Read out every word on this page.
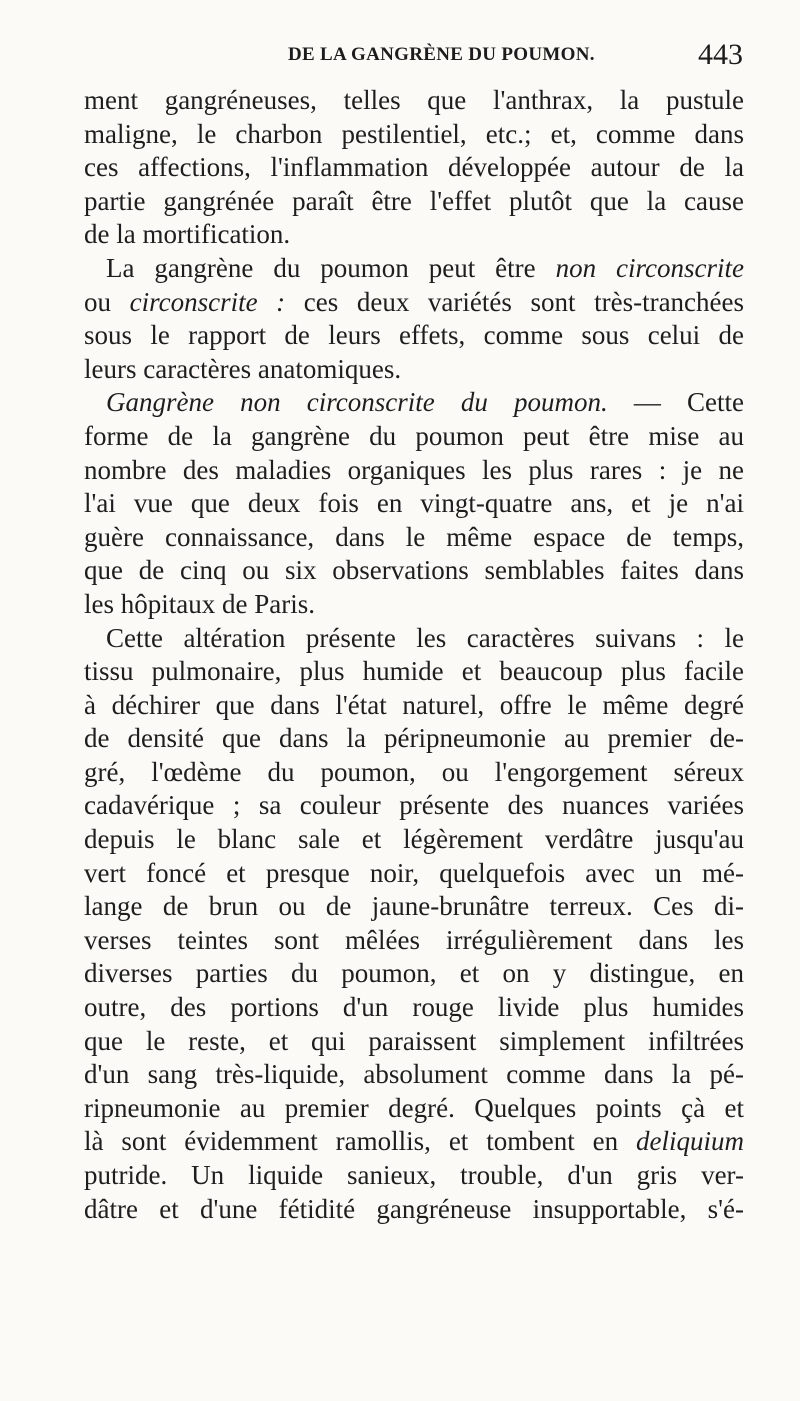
DE LA GANGRÈNE DU POUMON.	443
ment gangréneuses, telles que l'anthrax, la pustule
maligne, le charbon pestilentiel, etc.; et, comme dans
ces affections, l'inflammation développée autour de la
partie gangrénée paraît être l'effet plutôt que la cause
de la mortification.
La gangrène du poumon peut être non circonscrite
ou circonscrite : ces deux variétés sont très-tranchées
sous le rapport de leurs effets, comme sous celui de
leurs caractères anatomiques.
Gangrène non circonscrite du poumon. — Cette
forme de la gangrène du poumon peut être mise au
nombre des maladies organiques les plus rares : je ne
l'ai vue que deux fois en vingt-quatre ans, et je n'ai
guère connaissance, dans le même espace de temps,
que de cinq ou six observations semblables faites dans
les hôpitaux de Paris.
Cette altération présente les caractères suivans : le
tissu pulmonaire, plus humide et beaucoup plus facile
à déchirer que dans l'état naturel, offre le même degré
de densité que dans la péripneumonie au premier de-
gré, l'œdème du poumon, ou l'engorgement séreux
cadavérique ; sa couleur présente des nuances variées
depuis le blanc sale et légèrement verdâtre jusqu'au
vert foncé et presque noir, quelquefois avec un mé-
lange de brun ou de jaune-brunâtre terreux. Ces di-
verses teintes sont mêlées irrégulièrement dans les
diverses parties du poumon, et on y distingue, en
outre, des portions d'un rouge livide plus humides
que le reste, et qui paraissent simplement infiltrées
d'un sang très-liquide, absolument comme dans la pé-
ripneumonie au premier degré. Quelques points çà et
là sont évidemment ramollis, et tombent en deliquium
putride. Un liquide sanieux, trouble, d'un gris ver-
dâtre et d'une fétidité gangréneuse insupportable, s'é-
